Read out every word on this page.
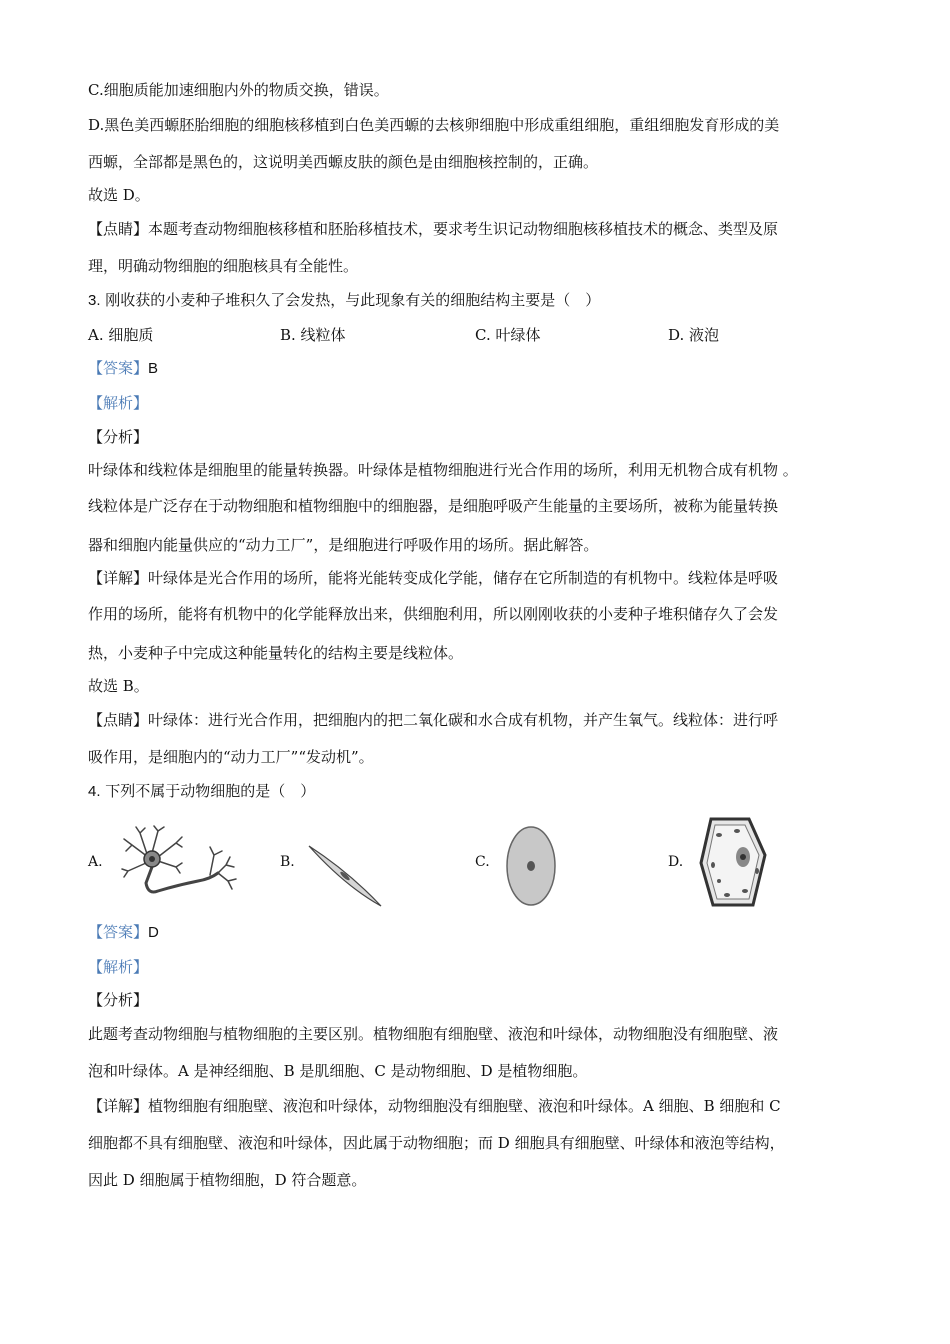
C.细胞质能加速细胞内外的物质交换，错误。
D.黑色美西螈胚胎细胞的细胞核移植到白色美西螈的去核卵细胞中形成重组细胞，重组细胞发育形成的美
西螈，全部都是黑色的，这说明美西螈皮肤的颜色是由细胞核控制的，正确。
故选 D。
【点睛】本题考查动物细胞核移植和胚胎移植技术，要求考生识记动物细胞核移植技术的概念、类型及原
理，明确动物细胞的细胞核具有全能性。
3. 刚收获的小麦种子堆积久了会发热，与此现象有关的细胞结构主要是（　）
A. 细胞质	B. 线粒体	C. 叶绿体	D. 液泡
【答案】B
【解析】
【分析】
叶绿体和线粒体是细胞里的能量转换器。叶绿体是植物细胞进行光合作用的场所，利用无机物合成有机物 。
线粒体是广泛存在于动物细胞和植物细胞中的细胞器，是细胞呼吸产生能量的主要场所，被称为能量转换
器和细胞内能量供应的“动力工厂”，是细胞进行呼吸作用的场所。据此解答。
【详解】叶绿体是光合作用的场所，能将光能转变成化学能，储存在它所制造的有机物中。线粒体是呼吸
作用的场所，能将有机物中的化学能释放出来，供细胞利用，所以刚刚收获的小麦种子堆积储存久了会发
热，小麦种子中完成这种能量转化的结构主要是线粒体。
故选 B。
【点睛】叶绿体：进行光合作用，把细胞内的把二氧化碳和水合成有机物，并产生氧气。线粒体：进行呼
吸作用，是细胞内的“动力工厂”“发动机”。
4. 下列不属于动物细胞的是（　）
A.	B.	C.	D.
【答案】D
【解析】
【分析】
此题考查动物细胞与植物细胞的主要区别。植物细胞有细胞壁、液泡和叶绿体，动物细胞没有细胞壁、液
泡和叶绿体。A 是神经细胞、B 是肌细胞、C 是动物细胞、D 是植物细胞。
【详解】植物细胞有细胞壁、液泡和叶绿体，动物细胞没有细胞壁、液泡和叶绿体。A 细胞、B 细胞和 C
细胞都不具有细胞壁、液泡和叶绿体，因此属于动物细胞；而 D 细胞具有细胞壁、叶绿体和液泡等结构，
因此 D 细胞属于植物细胞，D 符合题意。
